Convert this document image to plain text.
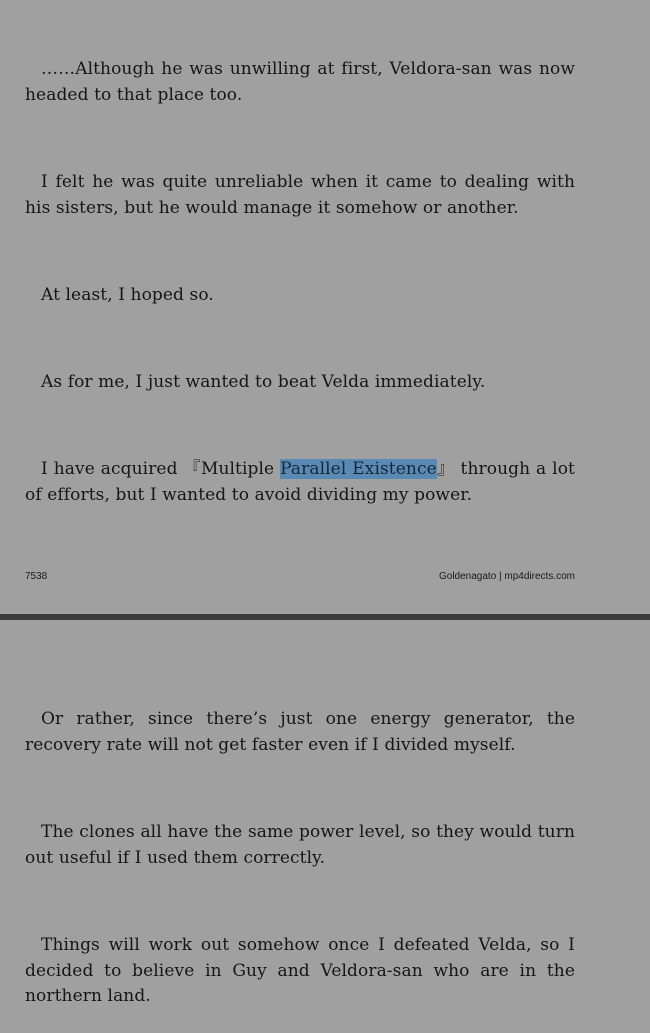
……Although he was unwilling at first, Veldora-san was now headed to that place too.

I felt he was quite unreliable when it came to dealing with his sisters, but he would manage it somehow or another.

At least, I hoped so.

As for me, I just wanted to beat Velda immediately.

I have acquired 『Multiple Parallel Existence』 through a lot of efforts, but I wanted to avoid dividing my power.

7538	Goldenagato | mp4directs.com

Or rather, since there’s just one energy generator, the recovery rate will not get faster even if I divided myself.

The clones all have the same power level, so they would turn out useful if I used them correctly.

Things will work out somehow once I defeated Velda, so I decided to believe in Guy and Veldora-san who are in the northern land.
